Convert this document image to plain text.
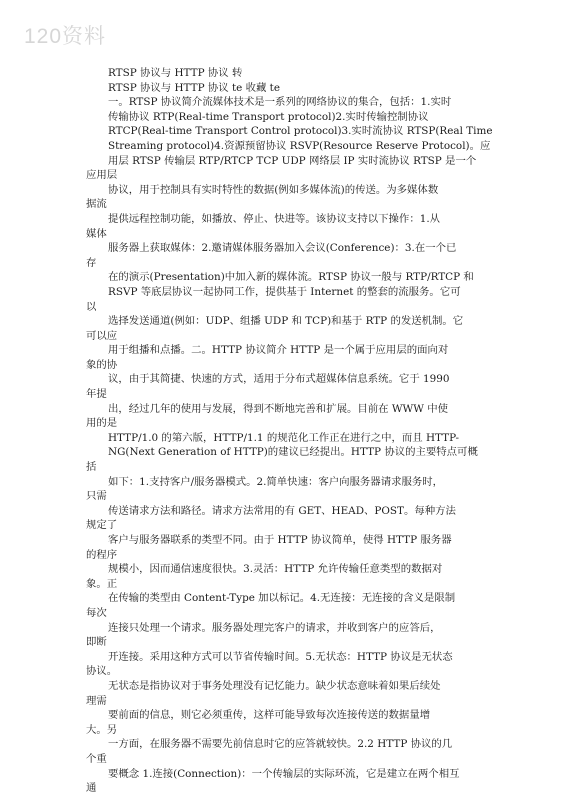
120资料
RTSP 协议与 HTTP 协议 转
RTSP 协议与 HTTP 协议 te 收藏 te
一。RTSP 协议简介流媒体技术是一系列的网络协议的集合，包括：1.实时
传输协议 RTP(Real-time Transport protocol)2.实时传输控制协议
RTCP(Real-time Transport Control protocol)3.实时流协议 RTSP(Real Time
Streaming protocol)4.资源预留协议 RSVP(Resource Reserve Protocol)。应
用层 RTSP 传输层 RTP/RTCP TCP UDP 网络层 IP 实时流协议 RTSP 是一个
应用层
协议，用于控制具有实时特性的数据(例如多媒体流)的传送。为多媒体数
据流
提供远程控制功能，如播放、停止、快进等。该协议支持以下操作：1.从
媒体
服务器上获取媒体：2.邀请媒体服务器加入会议(Conference)：3.在一个已
存
在的演示(Presentation)中加入新的媒体流。RTSP 协议一般与 RTP/RTCP 和
RSVP 等底层协议一起协同工作，提供基于 Internet 的整套的流服务。它可
以
选择发送通道(例如：UDP、组播 UDP 和 TCP)和基于 RTP 的发送机制。它
可以应
用于组播和点播。二。HTTP 协议简介 HTTP 是一个属于应用层的面向对
象的协
议，由于其简捷、快速的方式，适用于分布式超媒体信息系统。它于 1990
年提
出，经过几年的使用与发展，得到不断地完善和扩展。目前在 WWW 中使
用的是
HTTP/1.0 的第六版，HTTP/1.1 的规范化工作正在进行之中，而且 HTTP-
NG(Next Generation of HTTP)的建议已经提出。HTTP 协议的主要特点可概
括
如下：1.支持客户/服务器模式。2.简单快速：客户向服务器请求服务时，
只需
传送请求方法和路径。请求方法常用的有 GET、HEAD、POST。每种方法
规定了
客户与服务器联系的类型不同。由于 HTTP 协议简单，使得 HTTP 服务器
的程序
规模小，因而通信速度很快。3.灵活：HTTP 允许传输任意类型的数据对
象。正
在传输的类型由 Content-Type 加以标记。4.无连接：无连接的含义是限制
每次
连接只处理一个请求。服务器处理完客户的请求，并收到客户的应答后，
即断
开连接。采用这种方式可以节省传输时间。5.无状态：HTTP 协议是无状态
协议。
无状态是指协议对于事务处理没有记忆能力。缺少状态意味着如果后续处
理需
要前面的信息，则它必须重传，这样可能导致每次连接传送的数据量增
大。另
一方面，在服务器不需要先前信息时它的应答就较快。2.2 HTTP 协议的几
个重
要概念 1.连接(Connection)：一个传输层的实际环流，它是建立在两个相互
通
